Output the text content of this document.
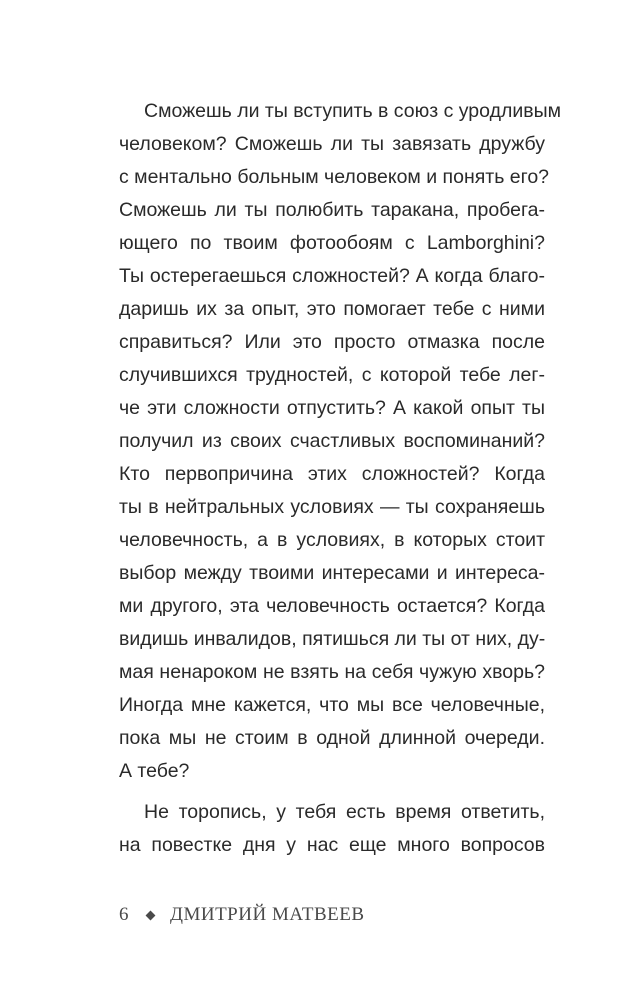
Сможешь ли ты вступить в союз с уродливым
человеком? Сможешь ли ты завязать дружбу
с ментально больным человеком и понять его?
Сможешь ли ты полюбить таракана, пробега-
ющего по твоим фотообоям с Lamborghini?
Ты остерегаешься сложностей? А когда благо-
даришь их за опыт, это помогает тебе с ними
справиться? Или это просто отмазка после
случившихся трудностей, с которой тебе лег-
че эти сложности отпустить? А какой опыт ты
получил из своих счастливых воспоминаний?
Кто первопричина этих сложностей? Когда
ты в нейтральных условиях — ты сохраняешь
человечность, а в условиях, в которых стоит
выбор между твоими интересами и интереса-
ми другого, эта человечность остается? Когда
видишь инвалидов, пятишься ли ты от них, ду-
мая ненароком не взять на себя чужую хворь?
Иногда мне кажется, что мы все человечные,
пока мы не стоим в одной длинной очереди.
А тебе?
Не торопись, у тебя есть время ответить,
на повестке дня у нас еще много вопросов
6 ДМИТРИЙ МАТВЕЕВ
